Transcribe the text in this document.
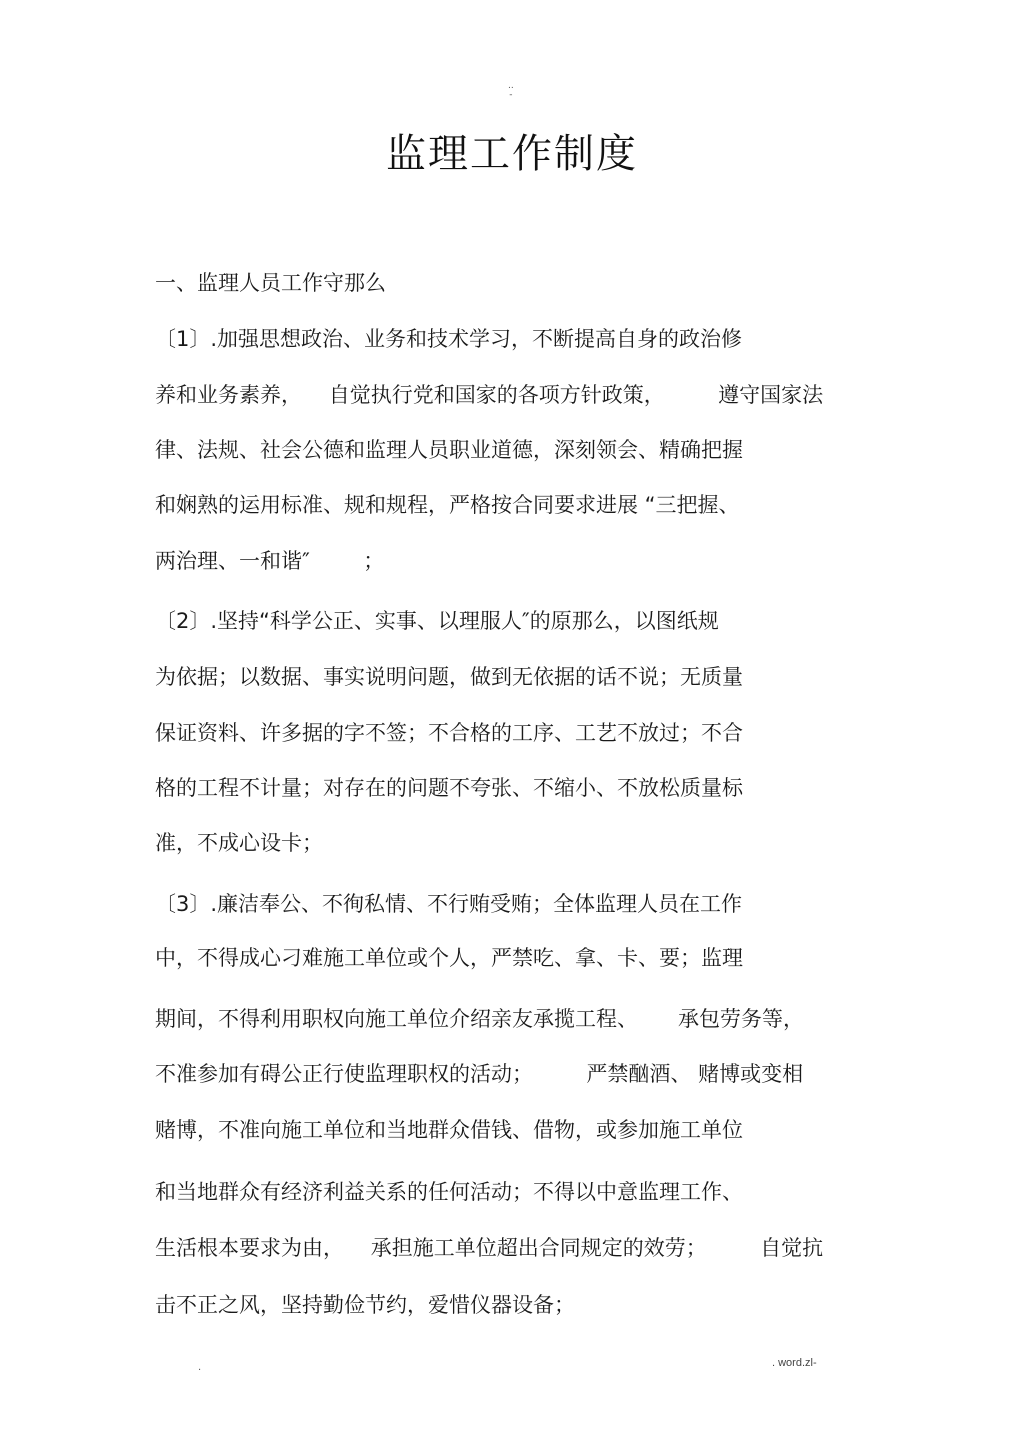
..
-
监理工作制度
一、监理人员工作守那么
〔1〕.加强思想政治、业务和技术学习，不断提高自身的政治修
养和业务素养，    自觉执行党和国家的各项方针政策，        遵守国家法
律、法规、社会公德和监理人员职业道德，深刻领会、精确把握
和娴熟的运用标准、规和规程，严格按合同要求进展 “三把握、
两治理、一和谐″        ；
〔2〕.坚持“科学公正、实事、以理服人″的原那么，以图纸规
为依据；以数据、事实说明问题，做到无依据的话不说；无质量
保证资料、许多据的字不签；不合格的工序、工艺不放过；不合
格的工程不计量；对存在的问题不夸张、不缩小、不放松质量标
准，不成心设卡；
〔3〕.廉洁奉公、不徇私情、不行贿受贿；全体监理人员在工作
中，不得成心刁难施工单位或个人，严禁吃、拿、卡、要；监理
期间，不得利用职权向施工单位介绍亲友承揽工程、      承包劳务等，
不准参加有碍公正行使监理职权的活动；        严禁酗酒、 赌博或变相
赌博，不准向施工单位和当地群众借钱、借物，或参加施工单位
和当地群众有经济利益关系的任何活动；不得以中意监理工作、
生活根本要求为由，    承担施工单位超出合同规定的效劳；        自觉抗
击不正之风，坚持勤俭节约，爱惜仪器设备；
.	. word.zl-
